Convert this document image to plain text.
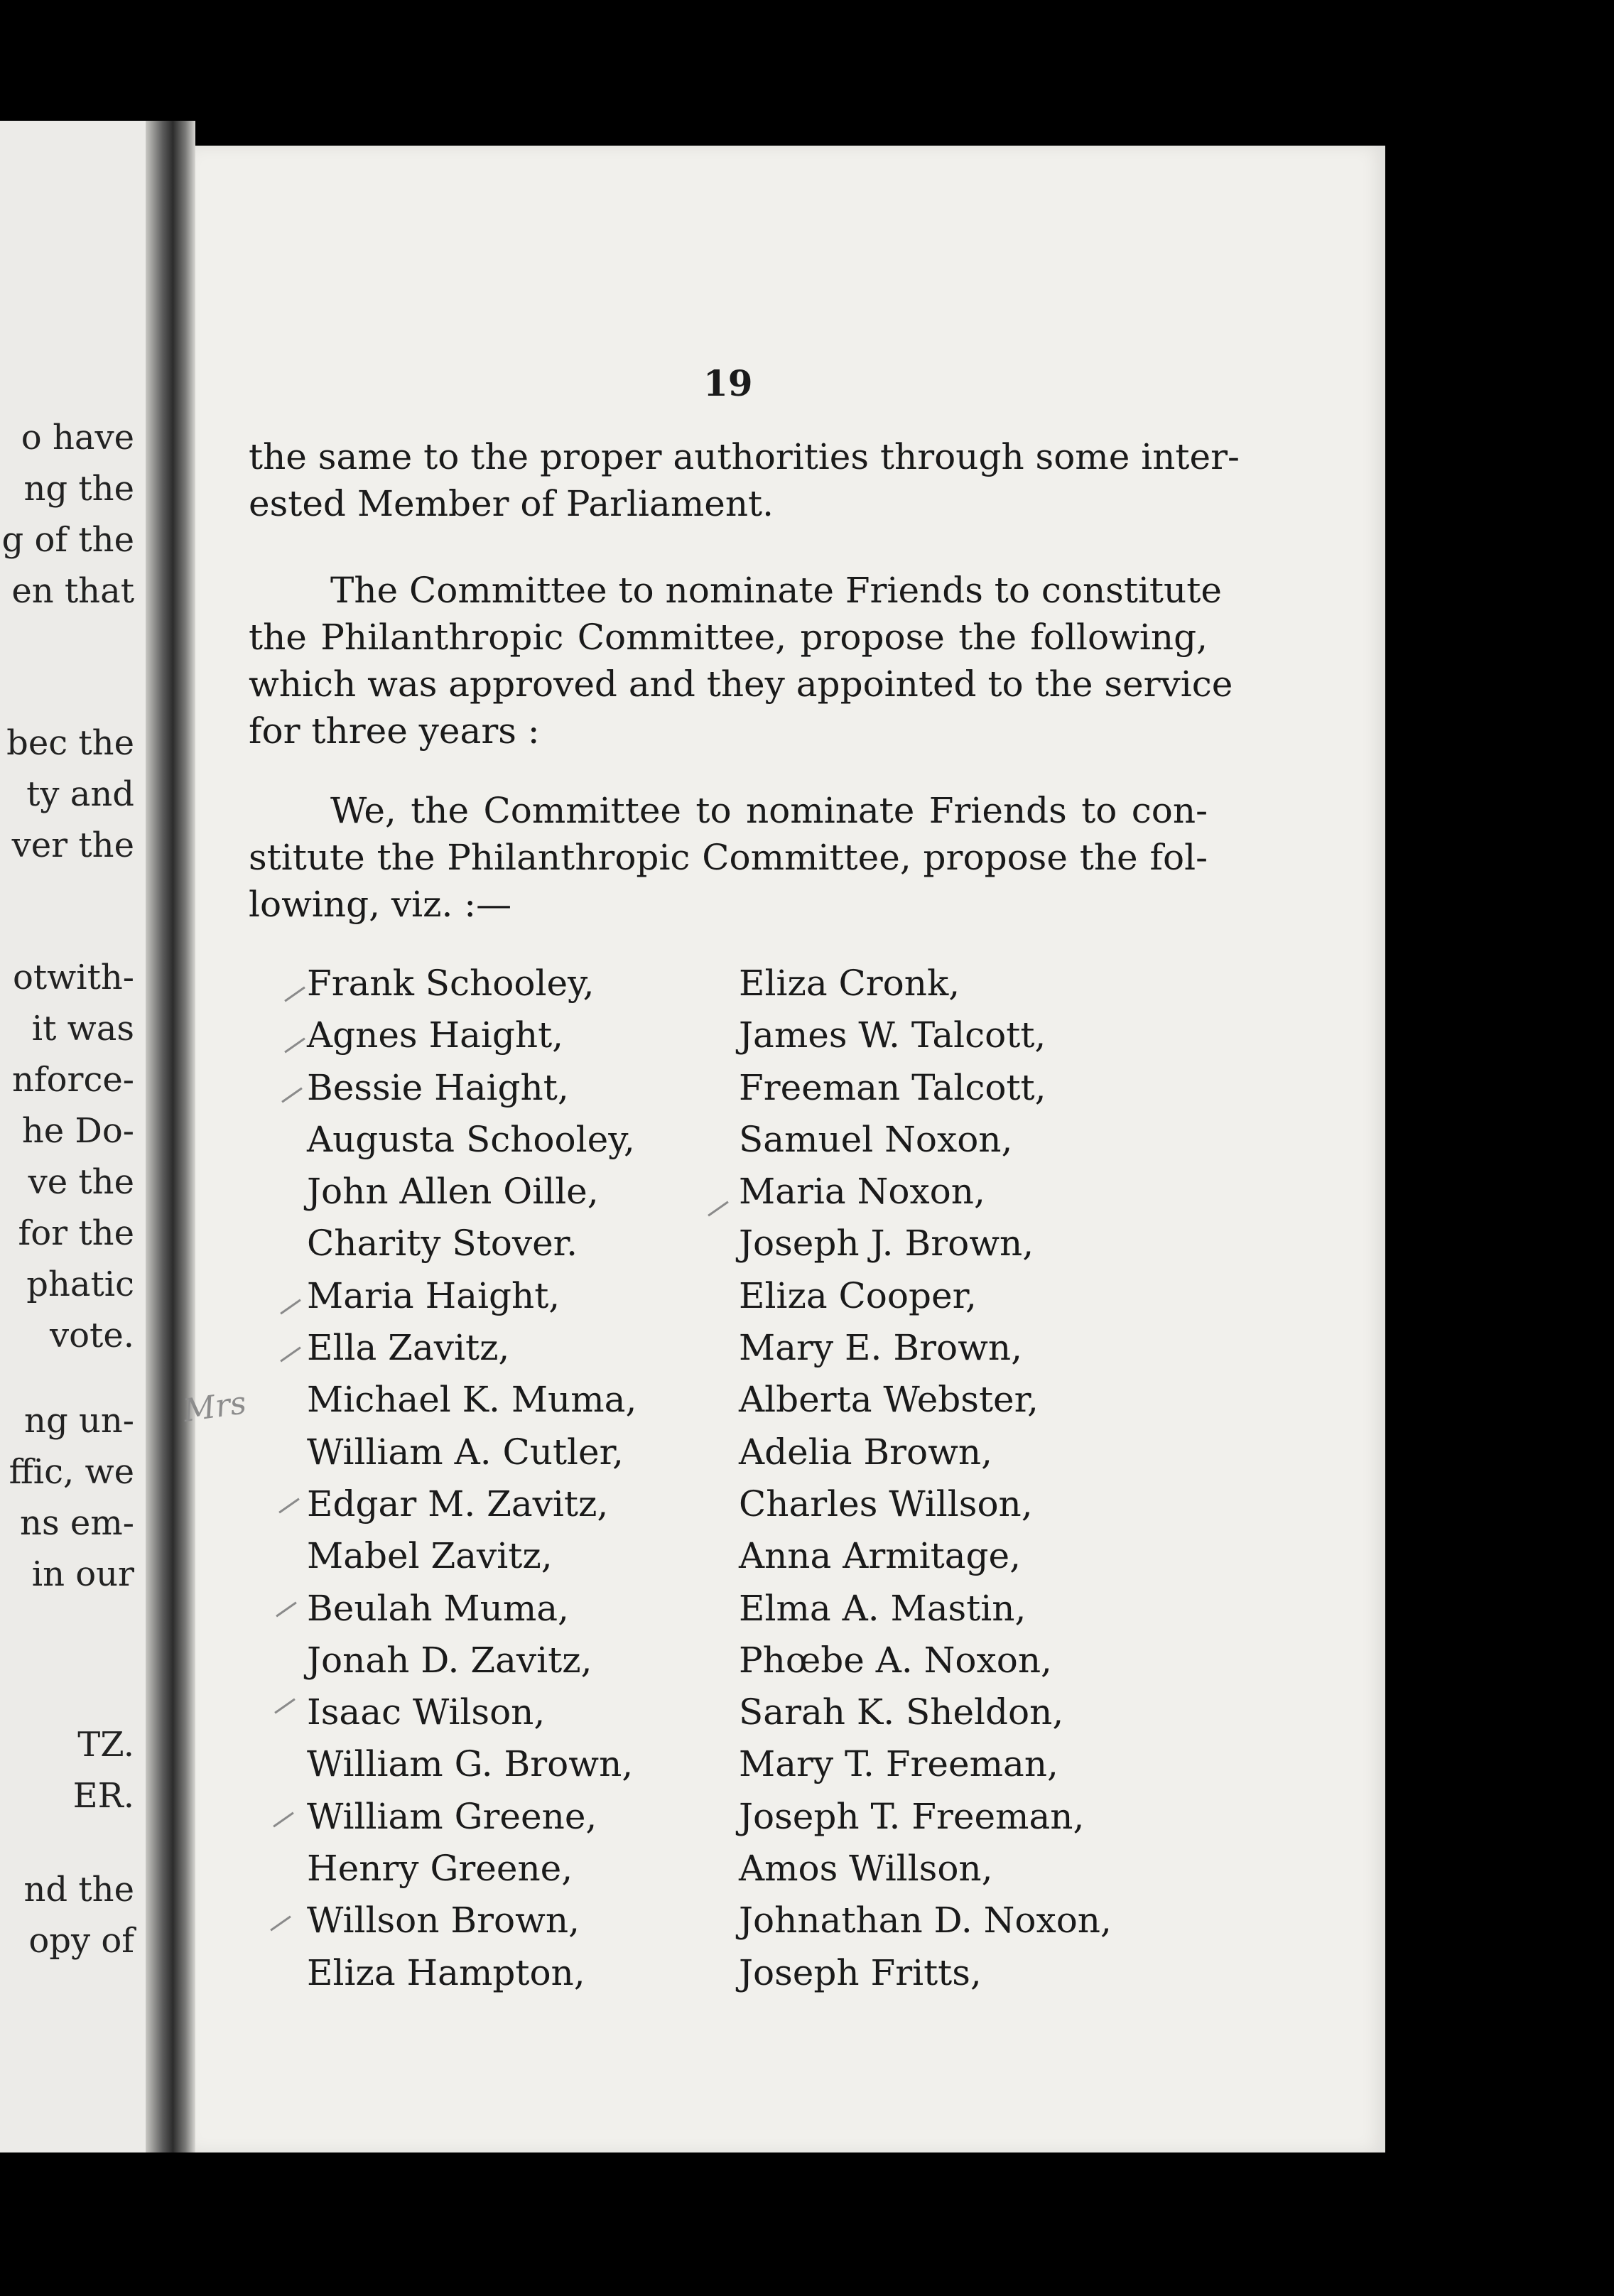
o have
ng the
g of the
en that
bec the
ty and
ver the
otwith-
it was
nforce-
he Do-
ve the
for the
phatic
vote.
ng un-
ffic, we
ns em-
in our
TZ.
ER.
nd the
opy of
19
the same to the proper authorities through some inter-
ested Member of Parliament.
The Committee to nominate Friends to constitute
the Philanthropic Committee, propose the following,
which was approved and they appointed to the service
for three years :
We, the Committee to nominate Friends to con-
stitute the Philanthropic Committee, propose the fol-
lowing, viz. :—
Frank Schooley,
Agnes Haight,
Bessie Haight,
Augusta Schooley,
John Allen Oille,
Charity Stover.
Maria Haight,
Ella Zavitz,
Michael K. Muma,
William A. Cutler,
Edgar M. Zavitz,
Mabel Zavitz,
Beulah Muma,
Jonah D. Zavitz,
Isaac Wilson,
William G. Brown,
William Greene,
Henry Greene,
Willson Brown,
Eliza Hampton,
Eliza Cronk,
James W. Talcott,
Freeman Talcott,
Samuel Noxon,
Maria Noxon,
Joseph J. Brown,
Eliza Cooper,
Mary E. Brown,
Alberta Webster,
Adelia Brown,
Charles Willson,
Anna Armitage,
Elma A. Mastin,
Phœbe A. Noxon,
Sarah K. Sheldon,
Mary T. Freeman,
Joseph T. Freeman,
Amos Willson,
Johnathan D. Noxon,
Joseph Fritts,
Mrs
